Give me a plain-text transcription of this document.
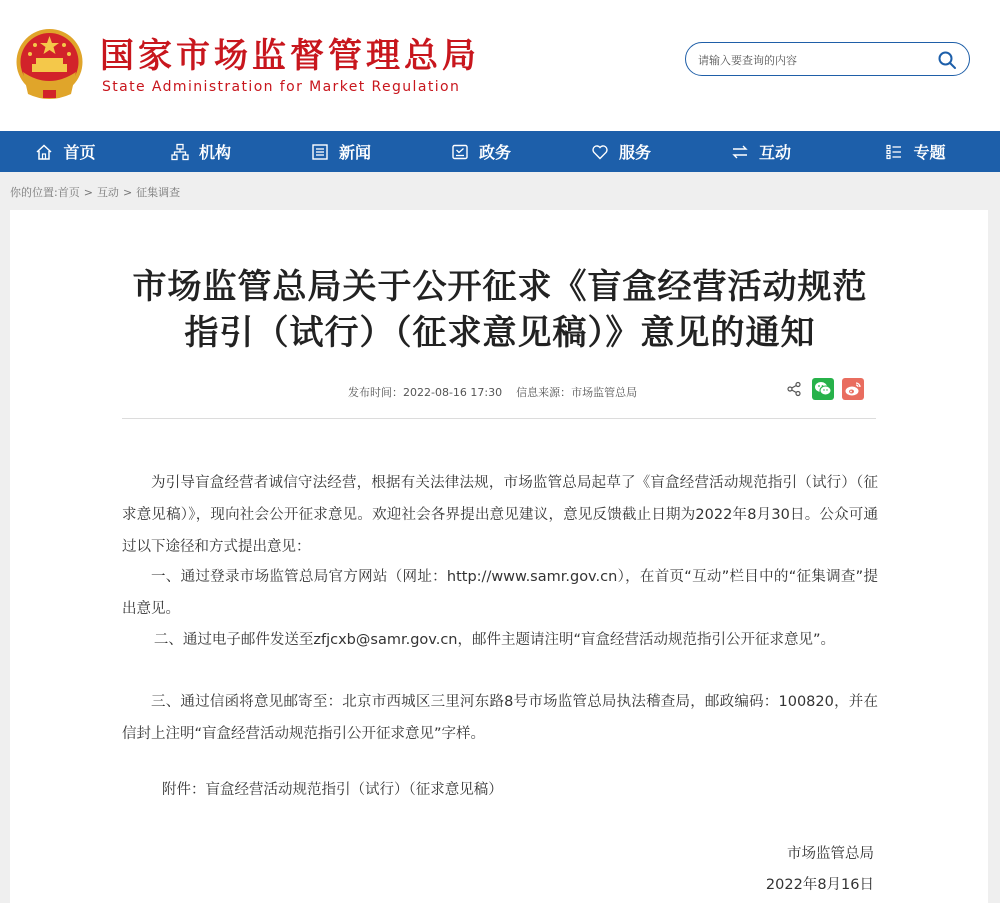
国家市场监督管理总局
State Administration for Market Regulation
请输入要查询的内容
首页	机构	新闻	政务	服务	互动	专题
你的位置:首页 > 互动 > 征集调查
市场监管总局关于公开征求《盲盒经营活动规范指引（试行）（征求意见稿）》意见的通知
发布时间：2022-08-16 17:30 信息来源：市场监管总局

为引导盲盒经营者诚信守法经营，根据有关法律法规，市场监管总局起草了《盲盒经营活动规范指引（试行）（征求意见稿）》，现向社会公开征求意见。欢迎社会各界提出意见建议，意见反馈截止日期为2022年8月30日。公众可通过以下途径和方式提出意见：

一、通过登录市场监管总局官方网站（网址：http://www.samr.gov.cn），在首页“互动”栏目中的“征集调查”提出意见。

二、通过电子邮件发送至zfjcxb@samr.gov.cn，邮件主题请注明“盲盒经营活动规范指引公开征求意见”。

三、通过信函将意见邮寄至：北京市西城区三里河东路8号市场监管总局执法稽查局，邮政编码：100820，并在信封上注明“盲盒经营活动规范指引公开征求意见”字样。

附件：盲盒经营活动规范指引（试行）（征求意见稿）
市场监管总局
2022年8月16日
